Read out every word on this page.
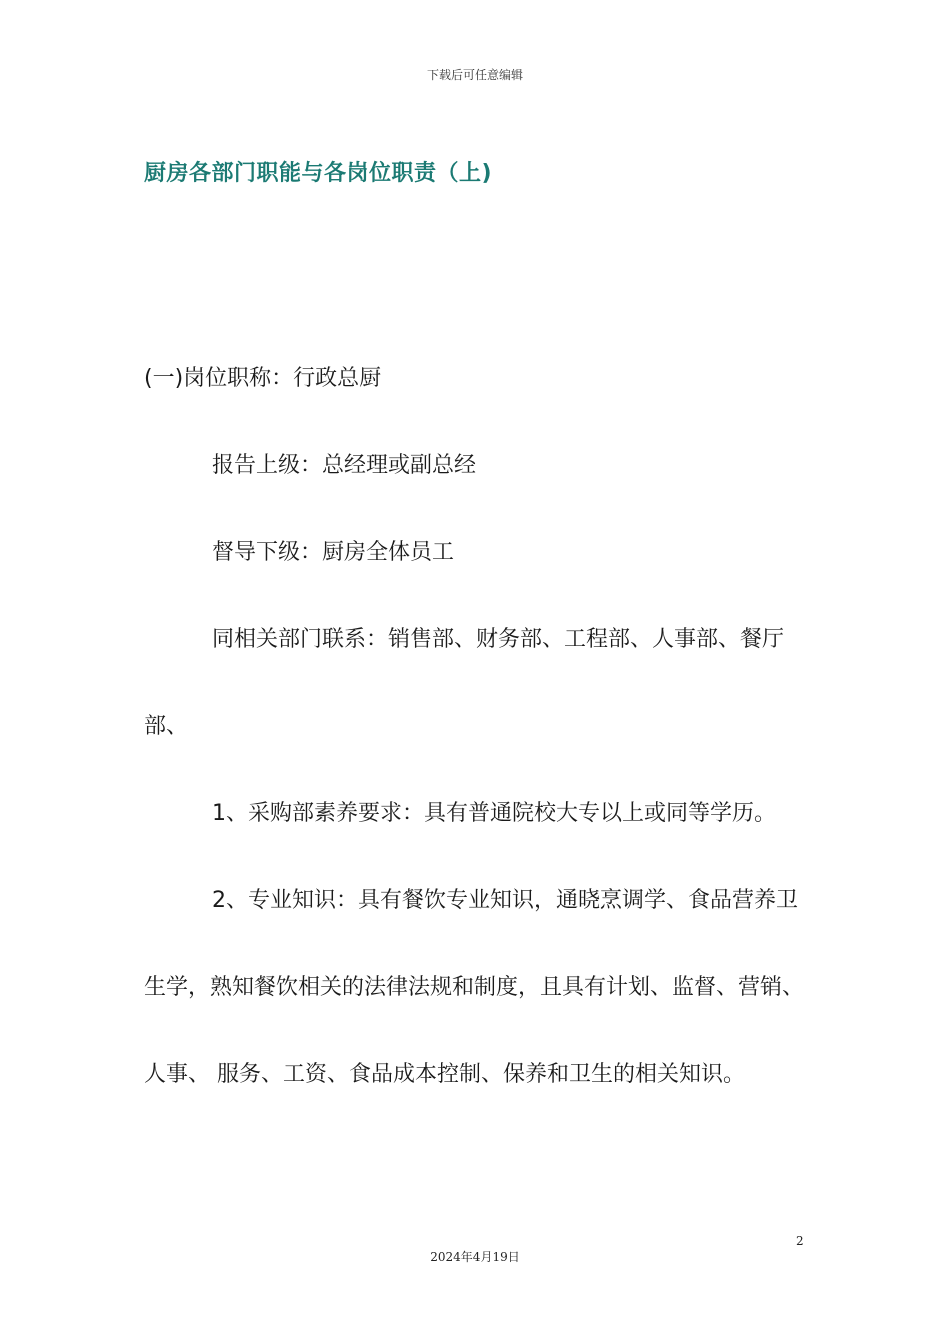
下载后可任意编辑
厨房各部门职能与各岗位职责（上)

(一)岗位职称：行政总厨

报告上级：总经理或副总经

督导下级：厨房全体员工

同相关部门联系：销售部、财务部、工程部、人事部、餐厅部、

1、采购部素养要求：具有普通院校大专以上或同等学历。

2、专业知识：具有餐饮专业知识，通晓烹调学、食品营养卫生学，熟知餐饮相关的法律法规和制度，且具有计划、监督、营销、人事、 服务、工资、食品成本控制、保养和卫生的相关知识。

2
2024年4月19日
